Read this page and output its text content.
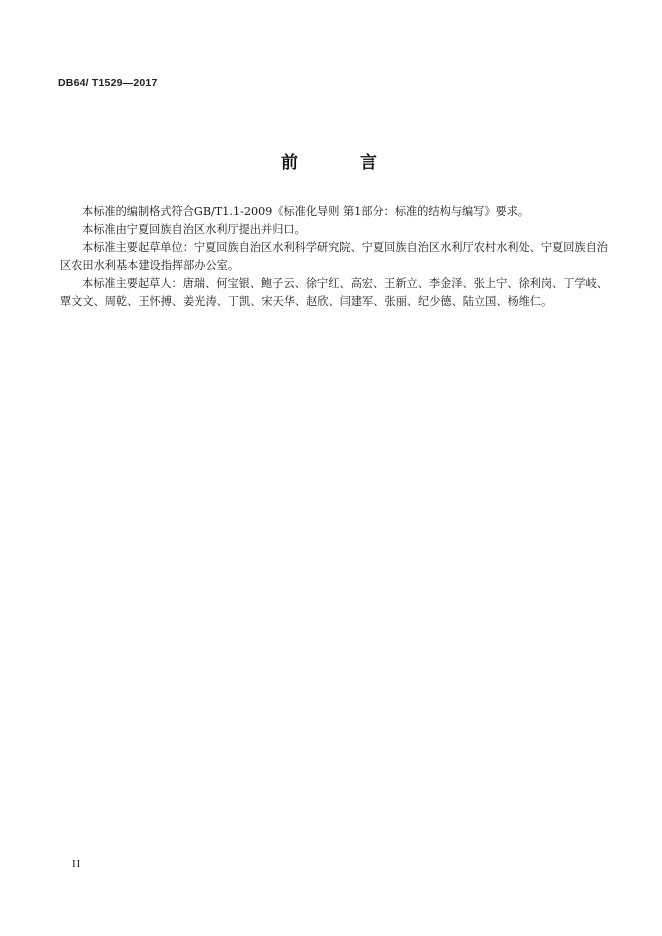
DB64/ T1529—2017
前 言

本标准的编制格式符合GB/T1.1-2009《标准化导则 第1部分：标准的结构与编写》要求。

本标准由宁夏回族自治区水利厅提出并归口。

本标准主要起草单位：宁夏回族自治区水利科学研究院、宁夏回族自治区水利厅农村水利处、宁夏回族自治区农田水利基本建设指挥部办公室。

本标准主要起草人：唐瑞、何宝银、鲍子云、徐宁红、高宏、王新立、李金泽、张上宁、徐利岗、丁学岐、覃文文、周乾、王怀搏、姜光涛、丁凯、宋天华、赵欣、闫建军、张丽、纪少德、陆立国、杨维仁。

II
